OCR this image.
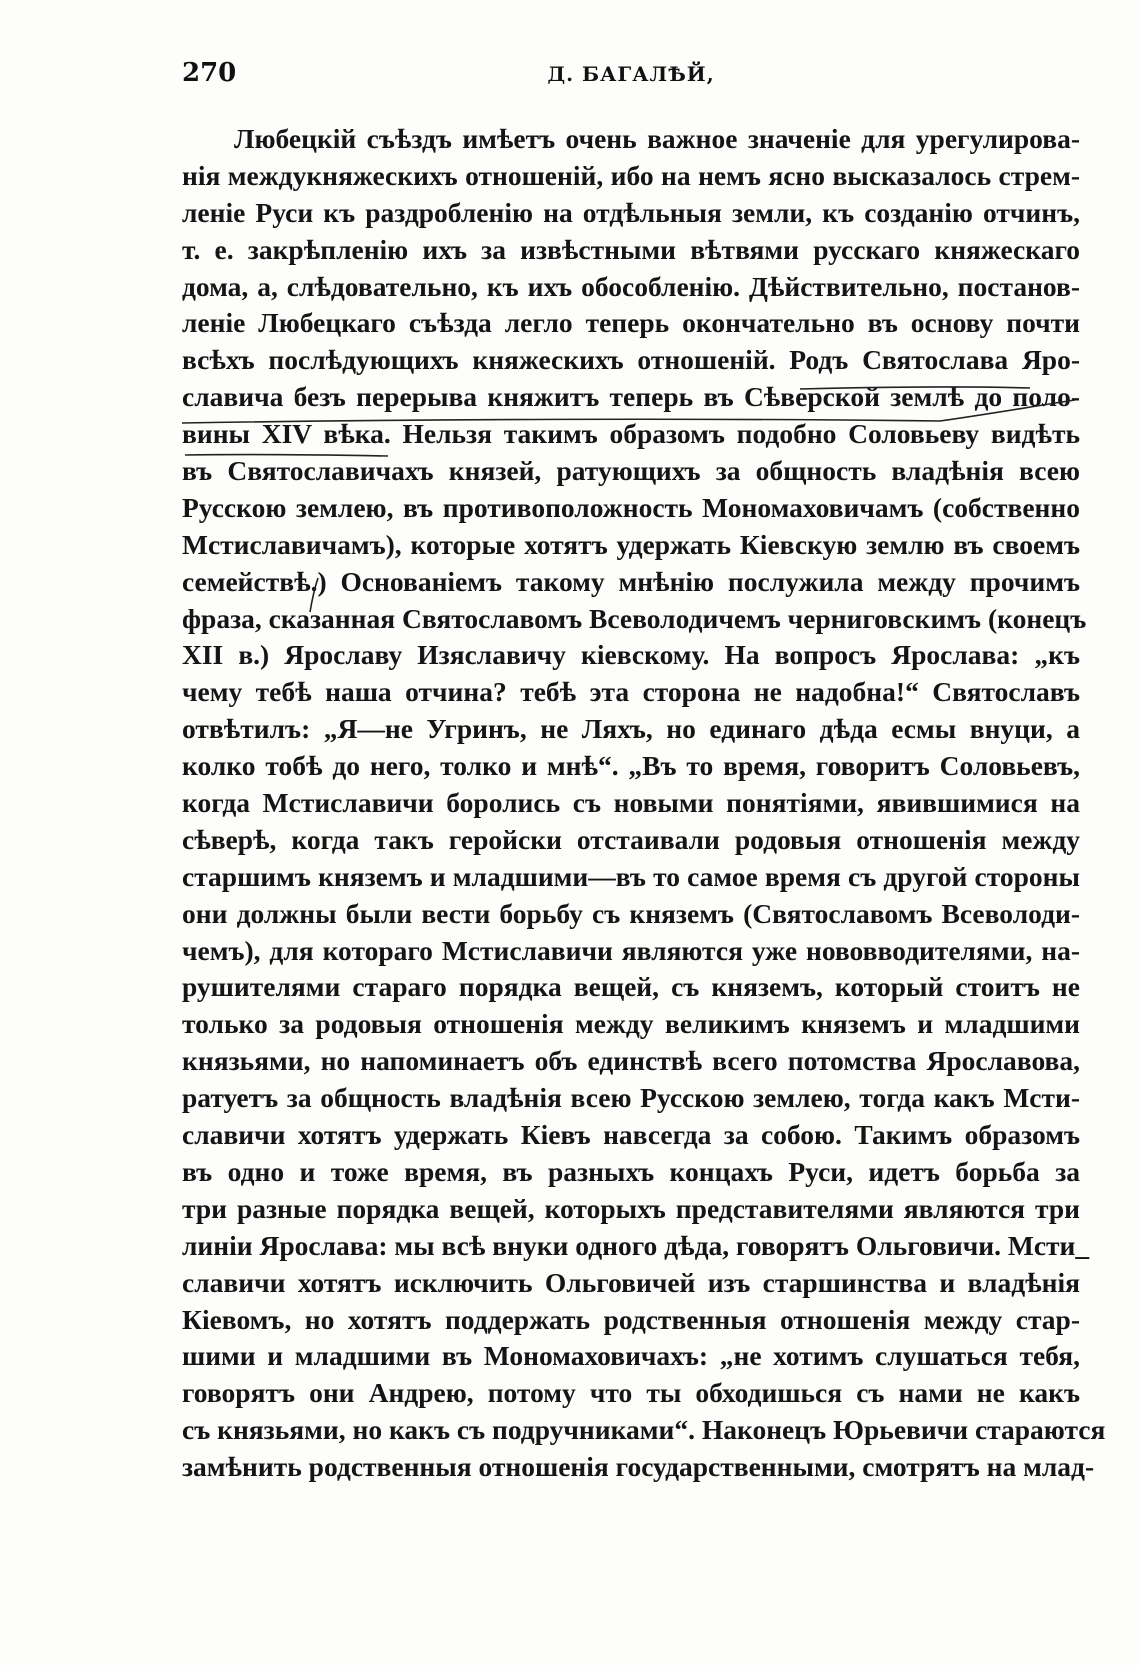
270	Д. БАГАЛѢЙ,
Любецкій съѣздъ имѣетъ очень важное значеніе для урегулирова-
нія междукняжескихъ отношеній, ибо на немъ ясно высказалось стрем-
леніе Руси къ раздробленію на отдѣльныя земли, къ созданію отчинъ,
т. е. закрѣпленію ихъ за извѣстными вѣтвями русскаго княжескаго
дома, а, слѣдовательно, къ ихъ обособленію. Дѣйствительно, постанов-
леніе Любецкаго съѣзда легло теперь окончательно въ основу почти
всѣхъ послѣдующихъ княжескихъ отношеній. Родъ Святослава Яро-
славича безъ перерыва княжитъ теперь въ Сѣверской землѣ до поло-
вины XIV вѣка. Нельзя такимъ образомъ подобно Соловьеву видѣть
въ Святославичахъ князей, ратующихъ за общность владѣнія всею
Русскою землею, въ противоположность Мономаховичамъ (собственно
Мстиславичамъ), которые хотятъ удержать Кіевскую землю въ своемъ
семействѣ.) Основаніемъ такому мнѣнію послужила между прочимъ
фраза, сказанная Святославомъ Всеволодичемъ черниговскимъ (конецъ
XII в.) Ярославу Изяславичу кіевскому. На вопросъ Ярослава: „къ
чему тебѣ наша отчина? тебѣ эта сторона не надобна!“ Святославъ
отвѣтилъ: „Я—не Угринъ, не Ляхъ, но единаго дѣда есмы внуци, а
колко тобѣ до него, толко и мнѣ“. „Въ то время, говоритъ Соловьевъ,
когда Мстиславичи боролись съ новыми понятіями, явившимися на
сѣверѣ, когда такъ геройски отстаивали родовыя отношенія между
старшимъ княземъ и младшими—въ то самое время съ другой стороны
они должны были вести борьбу съ княземъ (Святославомъ Всеволоди-
чемъ), для котораго Мстиславичи являются уже нововводителями, на-
рушителями стараго порядка вещей, съ княземъ, который стоитъ не
только за родовыя отношенія между великимъ княземъ и младшими
князьями, но напоминаетъ объ единствѣ всего потомства Ярославова,
ратуетъ за общность владѣнія всею Русскою землею, тогда какъ Мсти-
славичи хотятъ удержать Кіевъ навсегда за собою. Такимъ образомъ
въ одно и тоже время, въ разныхъ концахъ Руси, идетъ борьба за
три разные порядка вещей, которыхъ представителями являются три
линіи Ярослава: мы всѣ внуки одного дѣда, говорятъ Ольговичи. Мсти_
славичи хотятъ исключить Ольговичей изъ старшинства и владѣнія
Кіевомъ, но хотятъ поддержать родственныя отношенія между стар-
шими и младшими въ Мономаховичахъ: „не хотимъ слушаться тебя,
говорятъ они Андрею, потому что ты обходишься съ нами не какъ
съ князьями, но какъ съ подручниками“. Наконецъ Юрьевичи стараются
замѣнить родственныя отношенія государственными, смотрятъ на млад-
